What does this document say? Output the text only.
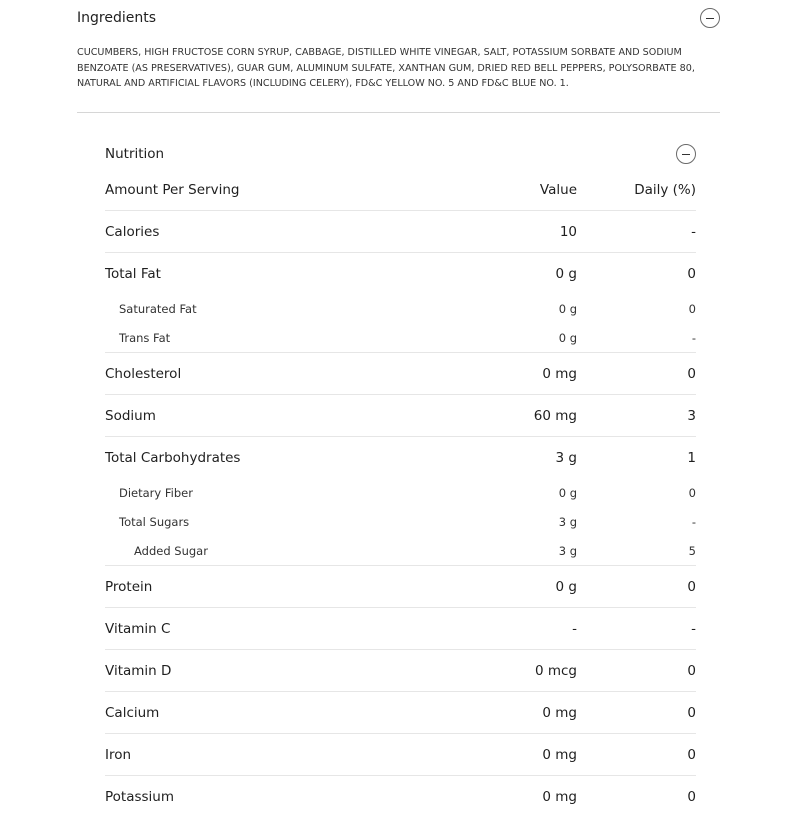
Ingredients

CUCUMBERS, HIGH FRUCTOSE CORN SYRUP, CABBAGE, DISTILLED WHITE VINEGAR, SALT, POTASSIUM SORBATE AND SODIUM BENZOATE (AS PRESERVATIVES), GUAR GUM, ALUMINUM SULFATE, XANTHAN GUM, DRIED RED BELL PEPPERS, POLYSORBATE 80, NATURAL AND ARTIFICIAL FLAVORS (INCLUDING CELERY), FD&C YELLOW NO. 5 AND FD&C BLUE NO. 1.

Nutrition
Amount Per Serving	Value	Daily (%)
Calories	10	-
Total Fat	0 g	0
Saturated Fat	0 g	0
Trans Fat	0 g	-
Cholesterol	0 mg	0
Sodium	60 mg	3
Total Carbohydrates	3 g	1
Dietary Fiber	0 g	0
Total Sugars	3 g	-
Added Sugar	3 g	5
Protein	0 g	0
Vitamin C	-	-
Vitamin D	0 mcg	0
Calcium	0 mg	0
Iron	0 mg	0
Potassium	0 mg	0
